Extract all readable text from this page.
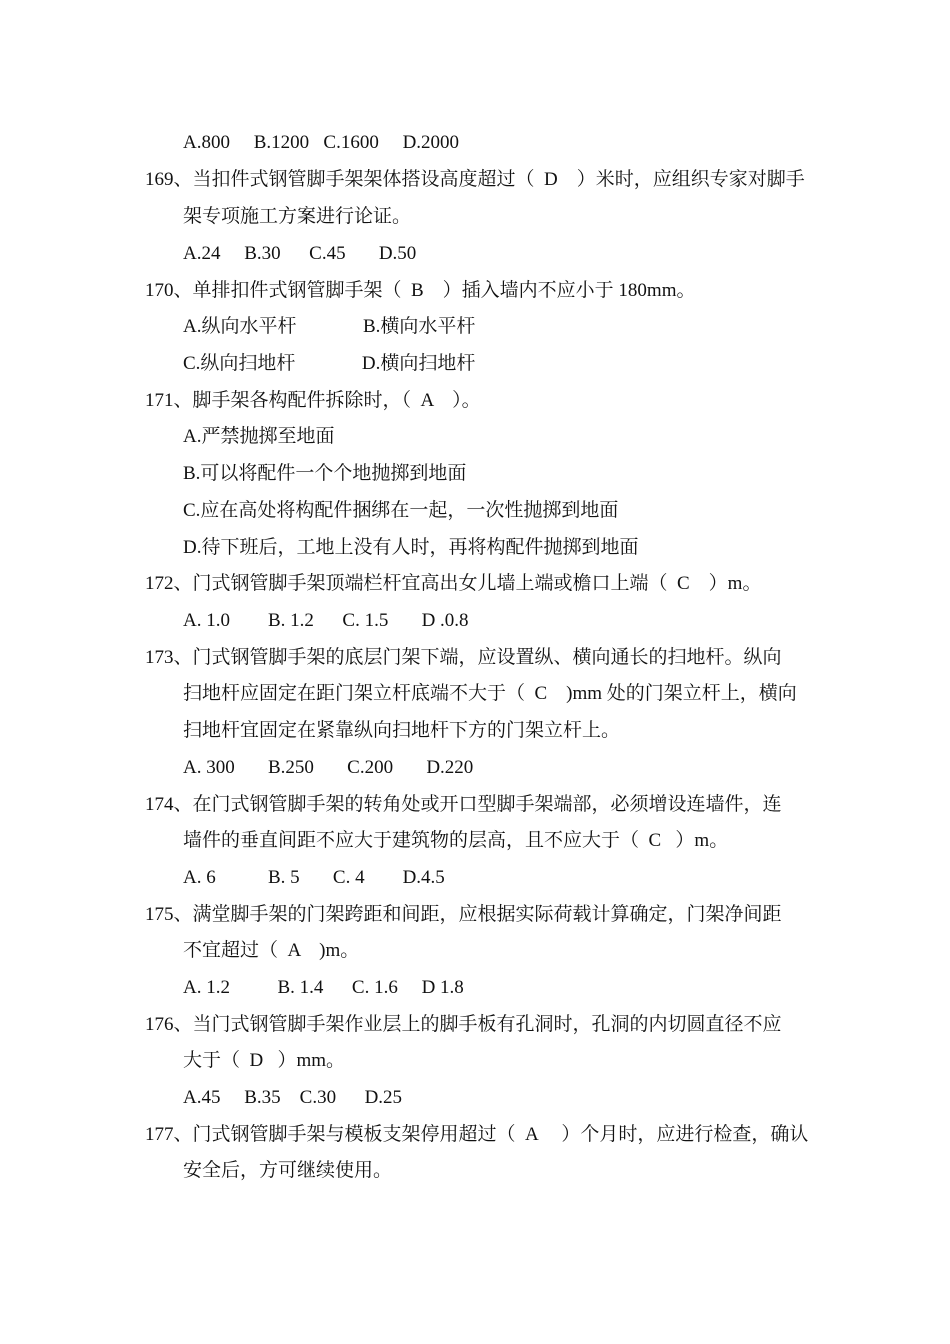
A.800     B.1200   C.1600     D.2000
169、当扣件式钢管脚手架架体搭设高度超过（  D    ）米时，应组织专家对脚手
架专项施工方案进行论证。
A.24     B.30      C.45       D.50
170、单排扣件式钢管脚手架（  B    ）插入墙内不应小于 180mm。
A.纵向水平杆              B.横向水平杆
C.纵向扫地杆              D.横向扫地杆
171、脚手架各构配件拆除时，（  A    ）。
A.严禁抛掷至地面
B.可以将配件一个个地抛掷到地面
C.应在高处将构配件捆绑在一起，一次性抛掷到地面
D.待下班后，工地上没有人时，再将构配件抛掷到地面
172、门式钢管脚手架顶端栏杆宜高出女儿墙上端或檐口上端（  C    ）m。
A. 1.0        B. 1.2      C. 1.5       D .0.8
173、门式钢管脚手架的底层门架下端，应设置纵、横向通长的扫地杆。纵向
扫地杆应固定在距门架立杆底端不大于（  C    )mm 处的门架立杆上，横向
扫地杆宜固定在紧靠纵向扫地杆下方的门架立杆上。
A. 300       B.250       C.200       D.220
174、在门式钢管脚手架的转角处或开口型脚手架端部，必须增设连墙件，连
墙件的垂直间距不应大于建筑物的层高，且不应大于（  C   ）m。
A. 6           B. 5       C. 4        D.4.5
175、满堂脚手架的门架跨距和间距，应根据实际荷载计算确定，门架净间距
不宜超过（  A    )m。
A. 1.2          B. 1.4      C. 1.6     D 1.8
176、当门式钢管脚手架作业层上的脚手板有孔洞时，孔洞的内切圆直径不应
大于（  D   ）mm。
A.45     B.35    C.30      D.25
177、门式钢管脚手架与模板支架停用超过（  A     ）个月时，应进行检查，确认
安全后，方可继续使用。
